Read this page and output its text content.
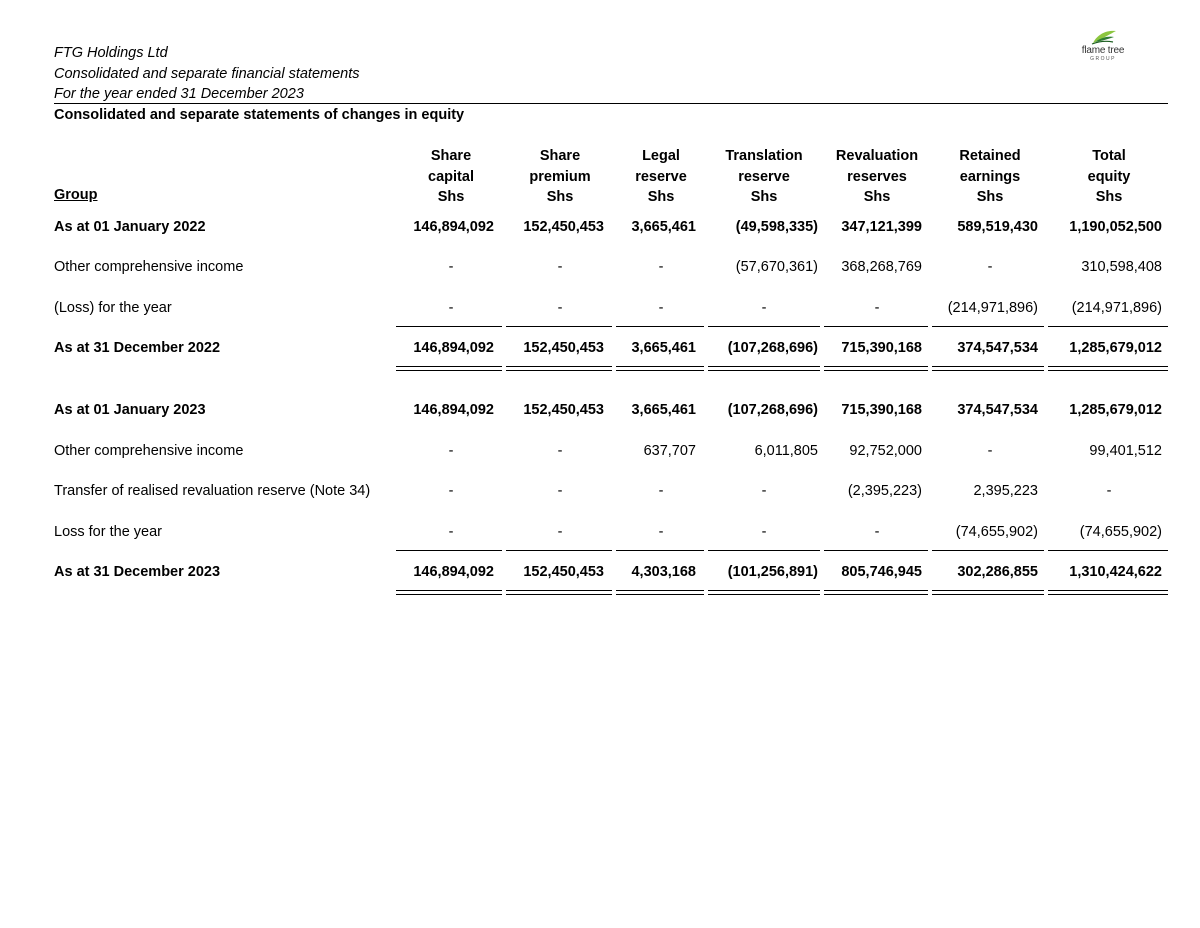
FTG Holdings Ltd
Consolidated and separate financial statements
For the year ended 31 December 2023
Consolidated and separate statements of changes in equity
flame tree
GROUP
Share
capital
Shs
Share
premium
Shs
Legal
reserve
Shs
Translation
reserve
Shs
Revaluation
reserves
Shs
Retained
earnings
Shs
Total
equity
Shs
Group
As at 01 January 2022	146,894,092 152,450,453 3,665,461	(49,598,335) 347,121,399 589,519,430 1,190,052,500
Other comprehensive income	-	-	-	(57,670,361) 368,268,769	-	310,598,408
(Loss) for the year	-	-	-	-	-	(214,971,896) (214,971,896)
As at 31 December 2022	146,894,092 152,450,453 3,665,461 (107,268,696) 715,390,168 374,547,534 1,285,679,012
As at 01 January 2023	146,894,092 152,450,453 3,665,461 (107,268,696) 715,390,168 374,547,534 1,285,679,012
Other comprehensive income	-	-	637,707	6,011,805 92,752,000	-	99,401,512
Transfer of realised revaluation reserve (Note 34)	-	-	-	-	(2,395,223)	2,395,223	-
Loss for the year	-	-	-	-	-	(74,655,902)	(74,655,902)
As at 31 December 2023	146,894,092 152,450,453 4,303,168 (101,256,891) 805,746,945 302,286,855 1,310,424,622
